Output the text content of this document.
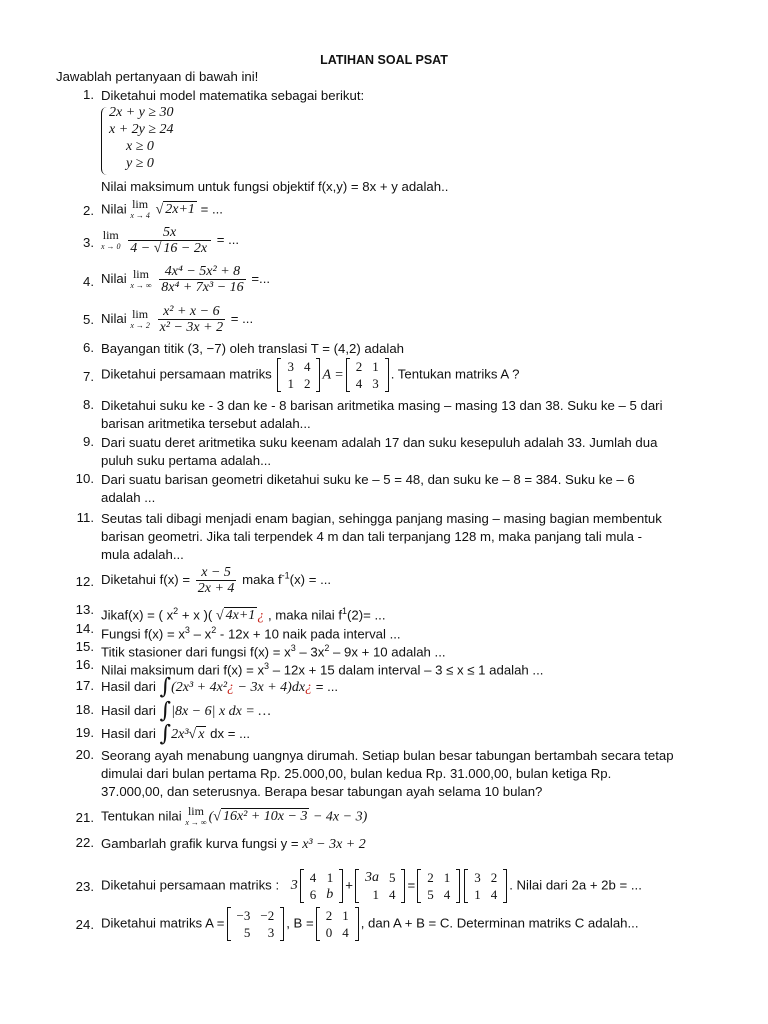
LATIHAN SOAL PSAT
Jawablah pertanyaan di bawah ini!
1. Diketahui model matematika sebagai berikut:
2x + y ≥ 30
x + 2y ≥ 24
x ≥ 0
y ≥ 0
Nilai maksimum untuk fungsi objektif f(x,y) = 8x + y adalah..
2. Nilai lim
x → 4 √ 2x+1 = ...
3.
lim
x → 0
$\frac{5x}{4 - √ 16 - 2x}$ = ...
4. Nilai lim
x → ∞
$\frac{\text{4x⁴ − 5x² + 8}}{\text{8x⁴ + 7x³ − 16}}$ =...
5. Nilai lim
x → 2
$\frac{\text{x² + x − 6}}{\text{x² − 3x + 2}}$ = ...
6. Bayangan titik (3, −7) oleh translasi T = (4,2) adalah
7. Diketahui persamaan matriks 3	4
1	2
A =
2	1
4	3
. Tentukan matriks A ?
8. Diketahui suku ke - 3 dan ke - 8 barisan aritmetika masing – masing 13 dan 38. Suku ke – 5 dari
barisan aritmetika tersebut adalah...
9. Dari suatu deret aritmetika suku keenam adalah 17 dan suku kesepuluh adalah 33. Jumlah dua
puluh suku pertama adalah...
10. Dari suatu barisan geometri diketahui suku ke – 5 = 48, dan suku ke – 8 = 384. Suku ke – 6
adalah ...
11. Seutas tali dibagi menjadi enam bagian, sehingga panjang masing – masing bagian membentuk
barisan geometri. Jika tali terpendek 4 m dan tali terpanjang 128 m, maka panjang tali mula -
mula adalah...
12. Diketahui $f(x) = \frac{x - 5}{2x + 4}$ maka $f^{-1}(x)$ = ...
13. Jikaf(x) = ( $x^2 + x$ )( √ 4x+1 ¿ , maka nilai $f^1(2)=$ ...
14. Fungsi $f(x) = x^3 - x^2 - 12x + 10$ naik pada interval ...
15. Titik stasioner dari fungsi $f(x) = x^3 - 3x^2 - 9x + 10$ adalah ...
16. Nilai maksimum dari $f(x) = x^3 - 12x + 15$ dalam interval – 3 ≤ x ≤ 1 adalah ...
17. Hasil dari ∫(2x³ + 4x²¿ − 3x + 4)dx¿ = ...
18. Hasil dari ∫|8x − 6| x dx = …
19. Hasil dari ∫2x³√ x dx = ...
20. Seorang ayah menabung uangnya dirumah. Setiap bulan besar tabungan bertambah secara tetap
dimulai dari bulan pertama Rp. 25.000,00, bulan kedua Rp. 31.000,00, bulan ketiga Rp.
37.000,00, dan seterusnya. Berapa besar tabungan ayah selama 10 bulan?
21. Tentukan nilai lim
x → ∞ (√ 16x² + 10x − 3 − 4x − 3)
22. Gambarlah grafik kurva fungsi y = x³ − 3x + 2
23. Diketahui persamaan matriks : 3
4	1
6	b
+ 3a	5
1	4
= 2	1
5	4
3	2
1	4
. Nilai dari 2a + 2b = ...
24. Diketahui matriks A = −3	−2
5	3
, B = 2	1
0	4
, dan A + B = C. Determinan matriks C adalah...
